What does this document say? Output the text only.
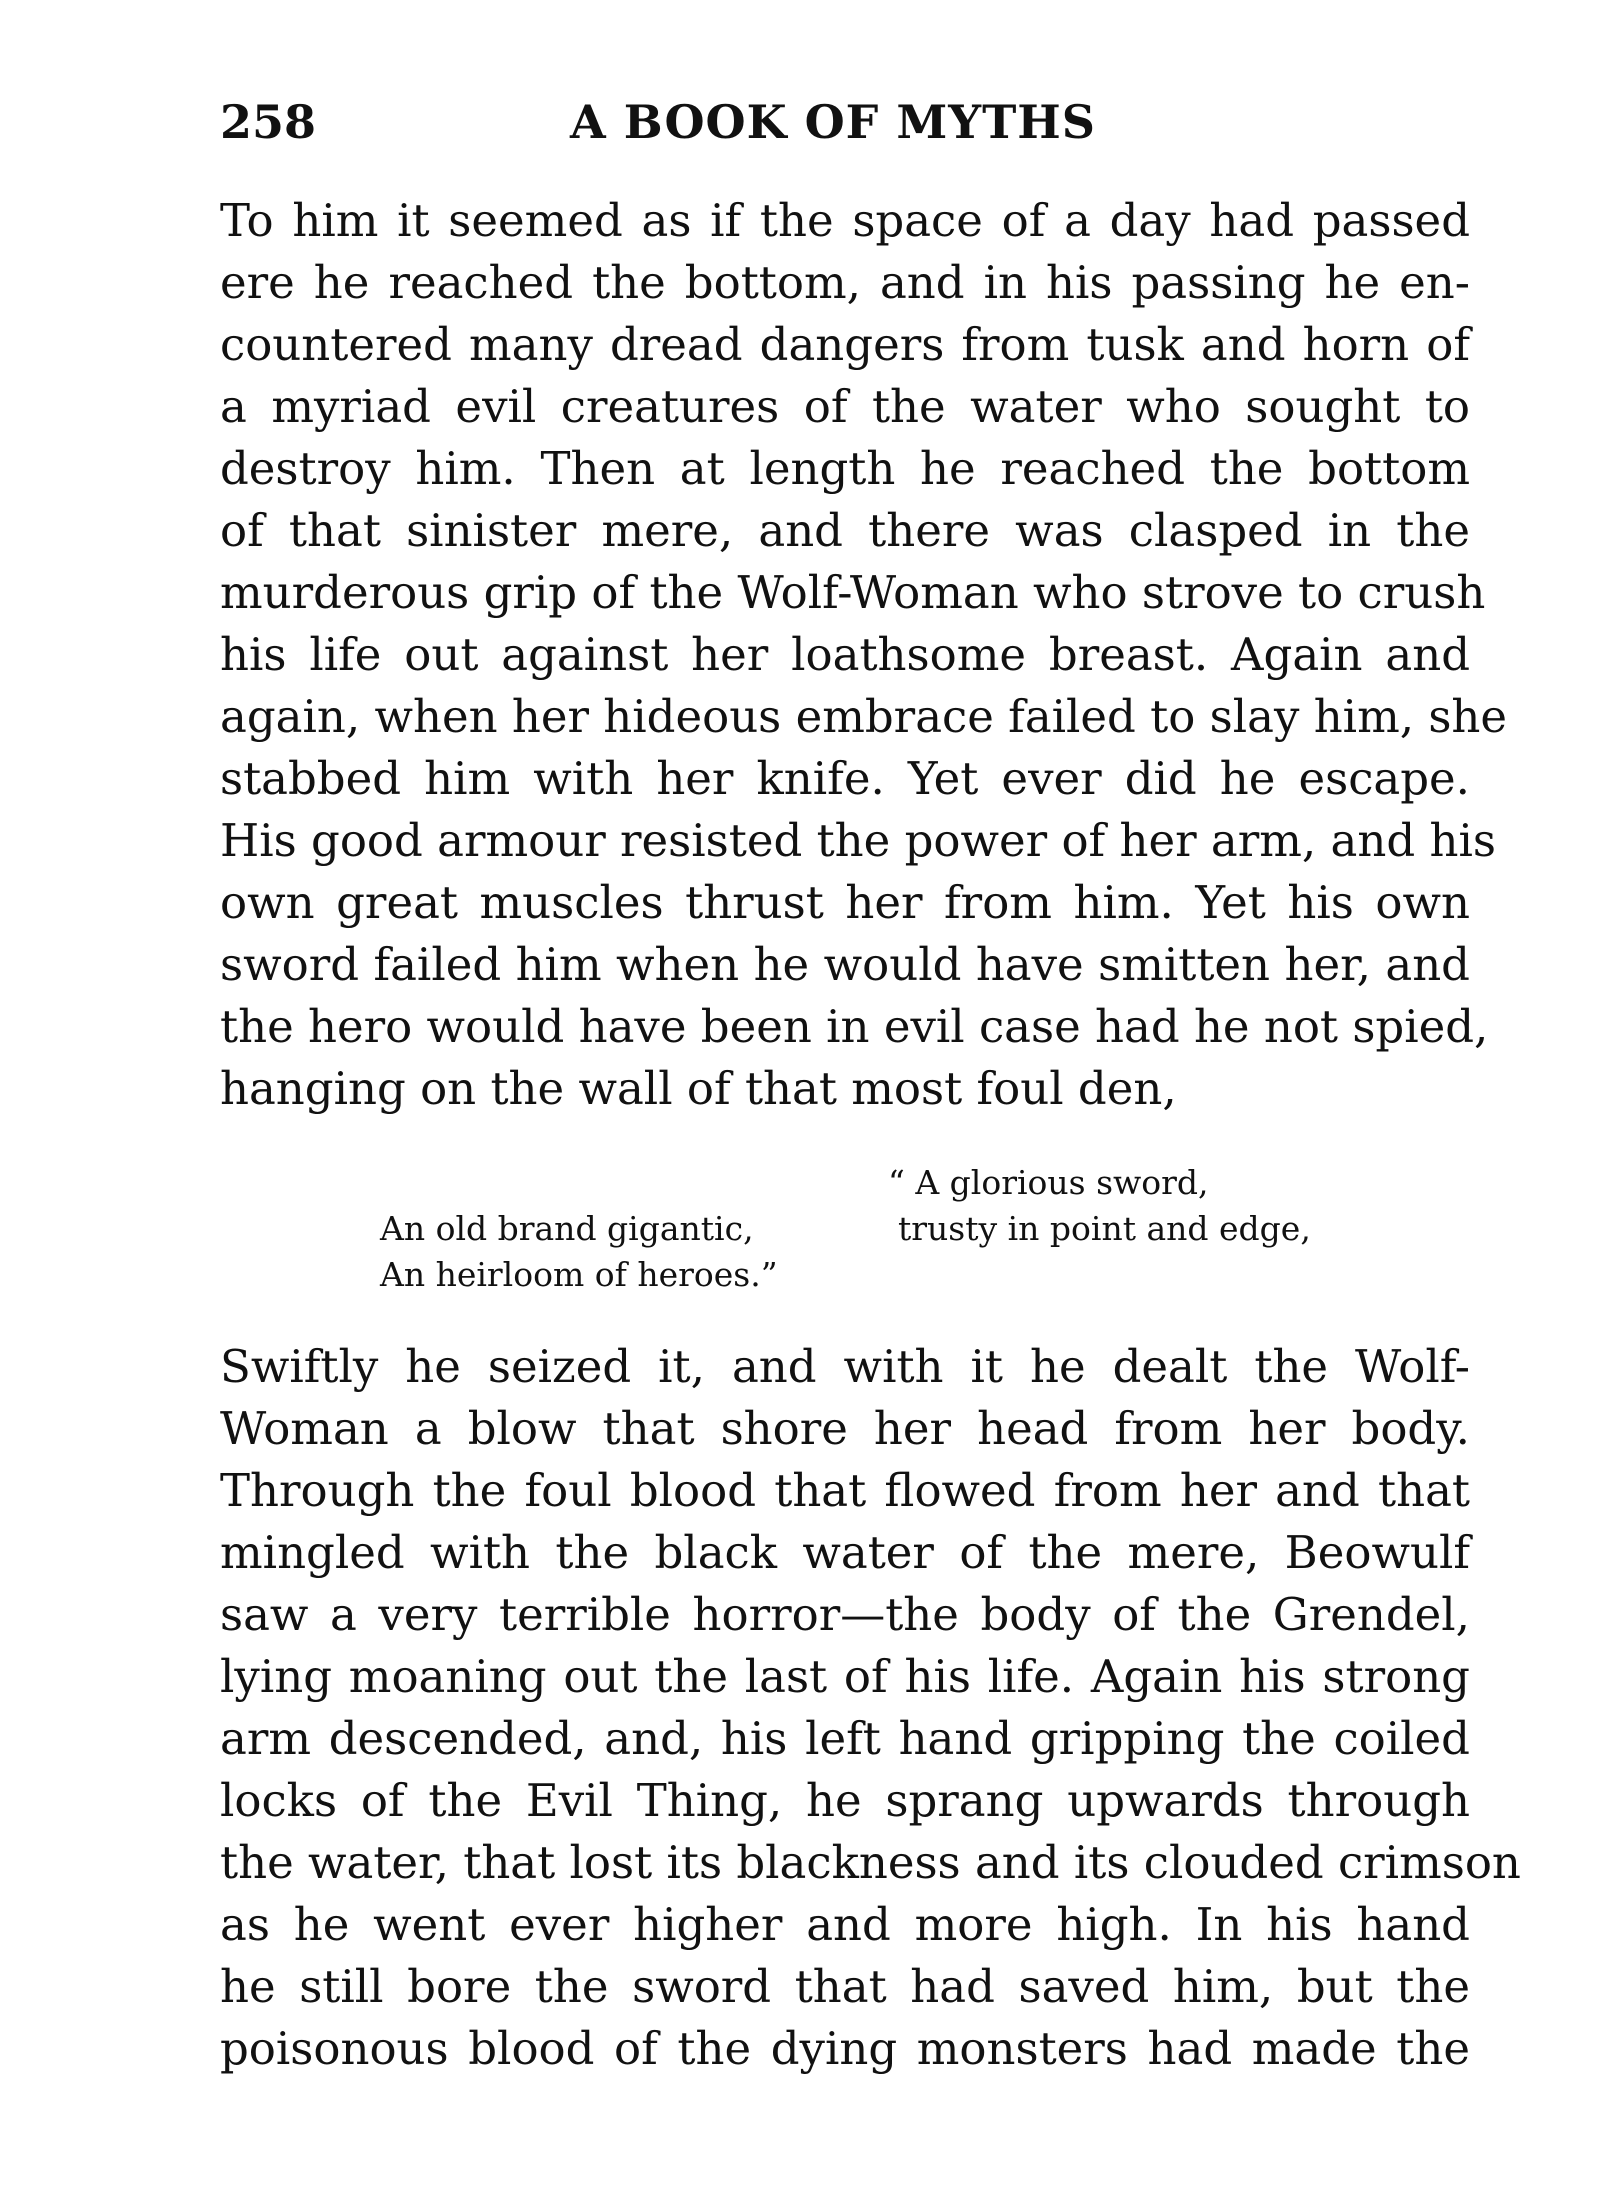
258	A BOOK OF MYTHS
To him it seemed as if the space of a day had passed
ere he reached the bottom, and in his passing he en-
countered many dread dangers from tusk and horn of
a myriad evil creatures of the water who sought to
destroy him. Then at length he reached the bottom
of that sinister mere, and there was clasped in the
murderous grip of the Wolf-Woman who strove to crush
his life out against her loathsome breast. Again and
again, when her hideous embrace failed to slay him, she
stabbed him with her knife. Yet ever did he escape.
His good armour resisted the power of her arm, and his
own great muscles thrust her from him. Yet his own
sword failed him when he would have smitten her, and
the hero would have been in evil case had he not spied,
hanging on the wall of that most foul den,
“ A glorious sword,
An old brand gigantic,	trusty in point and edge,
An heirloom of heroes.”
Swiftly he seized it, and with it he dealt the Wolf-
Woman a blow that shore her head from her body.
Through the foul blood that flowed from her and that
mingled with the black water of the mere, Beowulf
saw a very terrible horror—the body of the Grendel,
lying moaning out the last of his life. Again his strong
arm descended, and, his left hand gripping the coiled
locks of the Evil Thing, he sprang upwards through
the water, that lost its blackness and its clouded crimson
as he went ever higher and more high. In his hand
he still bore the sword that had saved him, but the
poisonous blood of the dying monsters had made the
